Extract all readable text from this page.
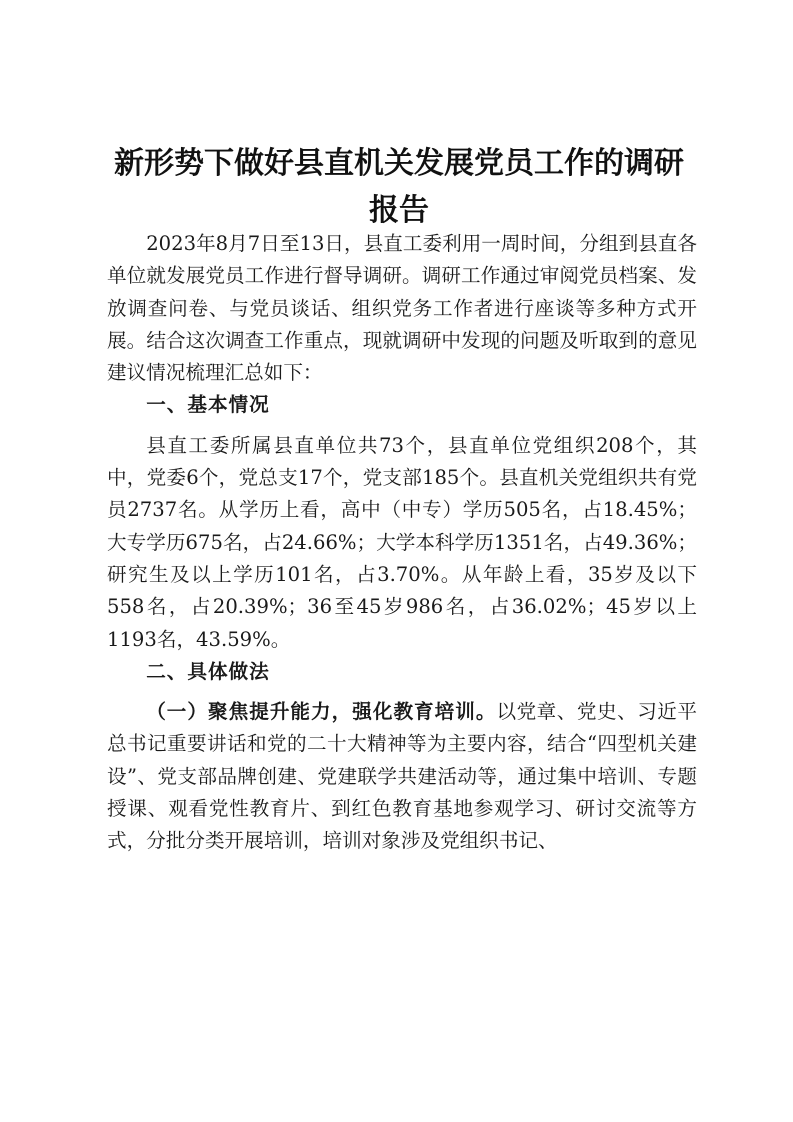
新形势下做好县直机关发展党员工作的调研报告

2023年8月7日至13日，县直工委利用一周时间，分组到县直各单位就发展党员工作进行督导调研。调研工作通过审阅党员档案、发放调查问卷、与党员谈话、组织党务工作者进行座谈等多种方式开展。结合这次调查工作重点，现就调研中发现的问题及听取到的意见建议情况梳理汇总如下：

一、基本情况

县直工委所属县直单位共73个，县直单位党组织208个，其中，党委6个，党总支17个，党支部185个。县直机关党组织共有党员2737名。从学历上看，高中（中专）学历505名，占18.45%；大专学历675名，占24.66%；大学本科学历1351名，占49.36%；研究生及以上学历101名，占3.70%。从年龄上看，35岁及以下558名，占20.39%；36至45岁986名，占36.02%；45岁以上1193名，43.59%。

二、具体做法

（一）聚焦提升能力，强化教育培训。以党章、党史、习近平总书记重要讲话和党的二十大精神等为主要内容，结合“四型机关建设”、党支部品牌创建、党建联学共建活动等，通过集中培训、专题授课、观看党性教育片、到红色教育基地参观学习、研讨交流等方式，分批分类开展培训，培训对象涉及党组织书记、
